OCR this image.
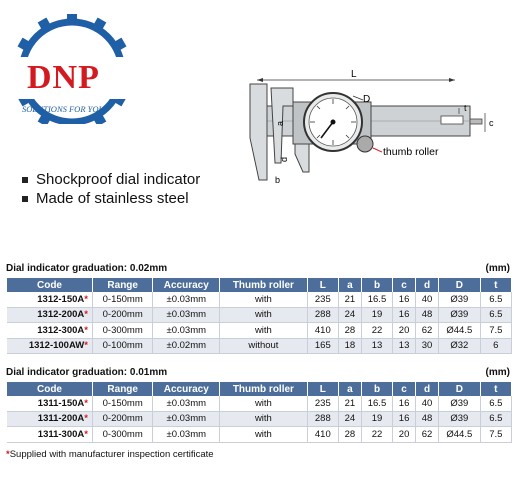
DNP
SOLUTIONS FOR YOU
L
D
thumb roller
a
d
b
t
c
Shockproof dial indicator
Made of stainless steel
Dial indicator graduation: 0.02mm	(mm)
Code	Range	Accuracy	Thumb roller	L	a	b	c	d	D	t
1312-150A*	0-150mm	±0.03mm	with	235	21	16.5	16	40	Ø39	6.5
1312-200A*	0-200mm	±0.03mm	with	288	24	19	16	48	Ø39	6.5
1312-300A*	0-300mm	±0.03mm	with	410	28	22	20	62	Ø44.5	7.5
1312-100AW*	0-100mm	±0.02mm	without	165	18	13	13	30	Ø32	6
Dial indicator graduation: 0.01mm	(mm)
Code	Range	Accuracy	Thumb roller	L	a	b	c	d	D	t
1311-150A*	0-150mm	±0.03mm	with	235	21	16.5	16	40	Ø39	6.5
1311-200A*	0-200mm	±0.03mm	with	288	24	19	16	48	Ø39	6.5
1311-300A*	0-300mm	±0.03mm	with	410	28	22	20	62	Ø44.5	7.5
*Supplied with manufacturer inspection certificate
